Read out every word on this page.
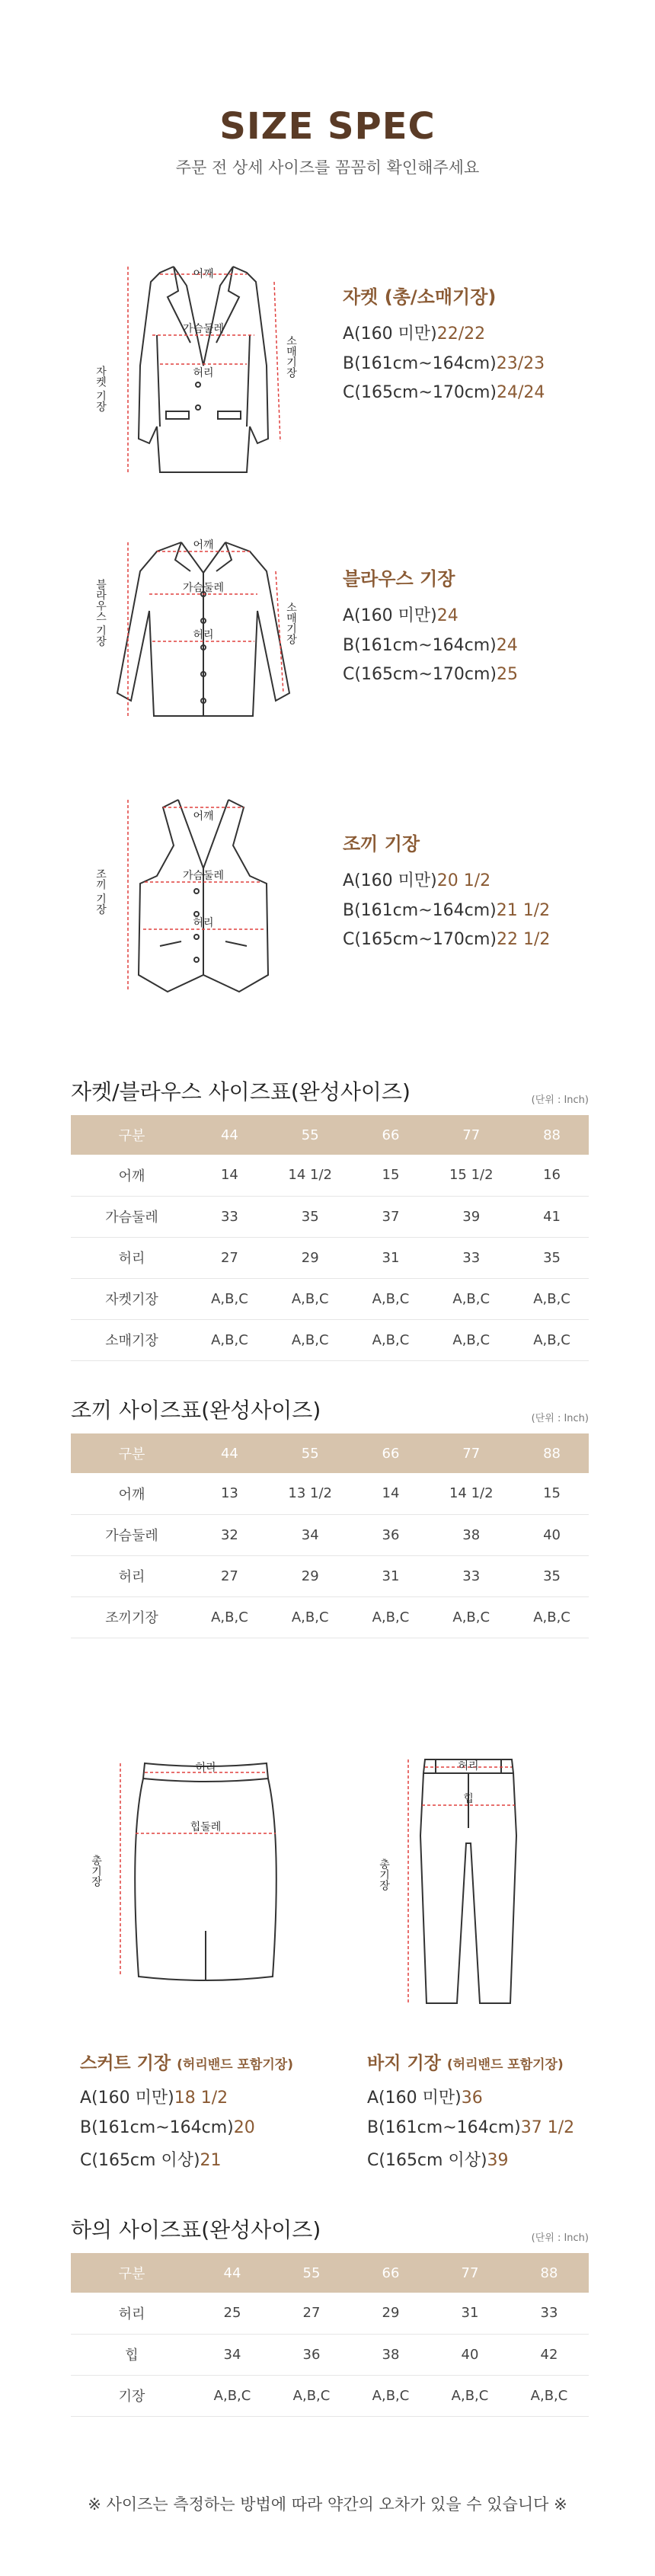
SIZE SPEC
주문 전 상세 사이즈를 꼼꼼히 확인해주세요
어깨
가슴둘레
허리
자켓 기장
소매기장
자켓 (총/소매기장)
A(160 미만)22/22
B(161cm~164cm)23/23
C(165cm~170cm)24/24
어깨
가슴둘레
허리
블라우스 기장	소매기장
블라우스 기장
A(160 미만)24
B(161cm~164cm)24
C(165cm~170cm)25
어깨
가슴둘레
허리
조끼 기장
조끼 기장
A(160 미만)20 1/2
B(161cm~164cm)21 1/2
C(165cm~170cm)22 1/2
자켓/블라우스 사이즈표(완성사이즈)	(단위 : Inch)
구분	44	55	66	77	88
어깨	14	14 1/2	15	15 1/2	16
가슴둘레	33	35	37	39	41
허리	27	29	31	33	35
자켓기장	A,B,C	A,B,C	A,B,C	A,B,C	A,B,C
소매기장	A,B,C	A,B,C	A,B,C	A,B,C	A,B,C
조끼 사이즈표(완성사이즈)	(단위 : Inch)
구분	44	55	66	77	88
어깨	13	13 1/2	14	14 1/2	15
가슴둘레	32	34	36	38	40
허리	27	29	31	33	35
조끼기장	A,B,C	A,B,C	A,B,C	A,B,C	A,B,C
허리
힙둘레
총기장
스커트 기장 (허리밴드 포함기장)
A(160 미만)18 1/2
B(161cm~164cm)20
C(165cm 이상)21
허리
힙
총기장
바지 기장 (허리밴드 포함기장)
A(160 미만)36
B(161cm~164cm)37 1/2
C(165cm 이상)39
하의 사이즈표(완성사이즈)	(단위 : Inch)
구분	44	55	66	77	88
허리	25	27	29	31	33
힙	34	36	38	40	42
기장	A,B,C	A,B,C	A,B,C	A,B,C	A,B,C
※ 사이즈는 측정하는 방법에 따라 약간의 오차가 있을 수 있습니다 ※
